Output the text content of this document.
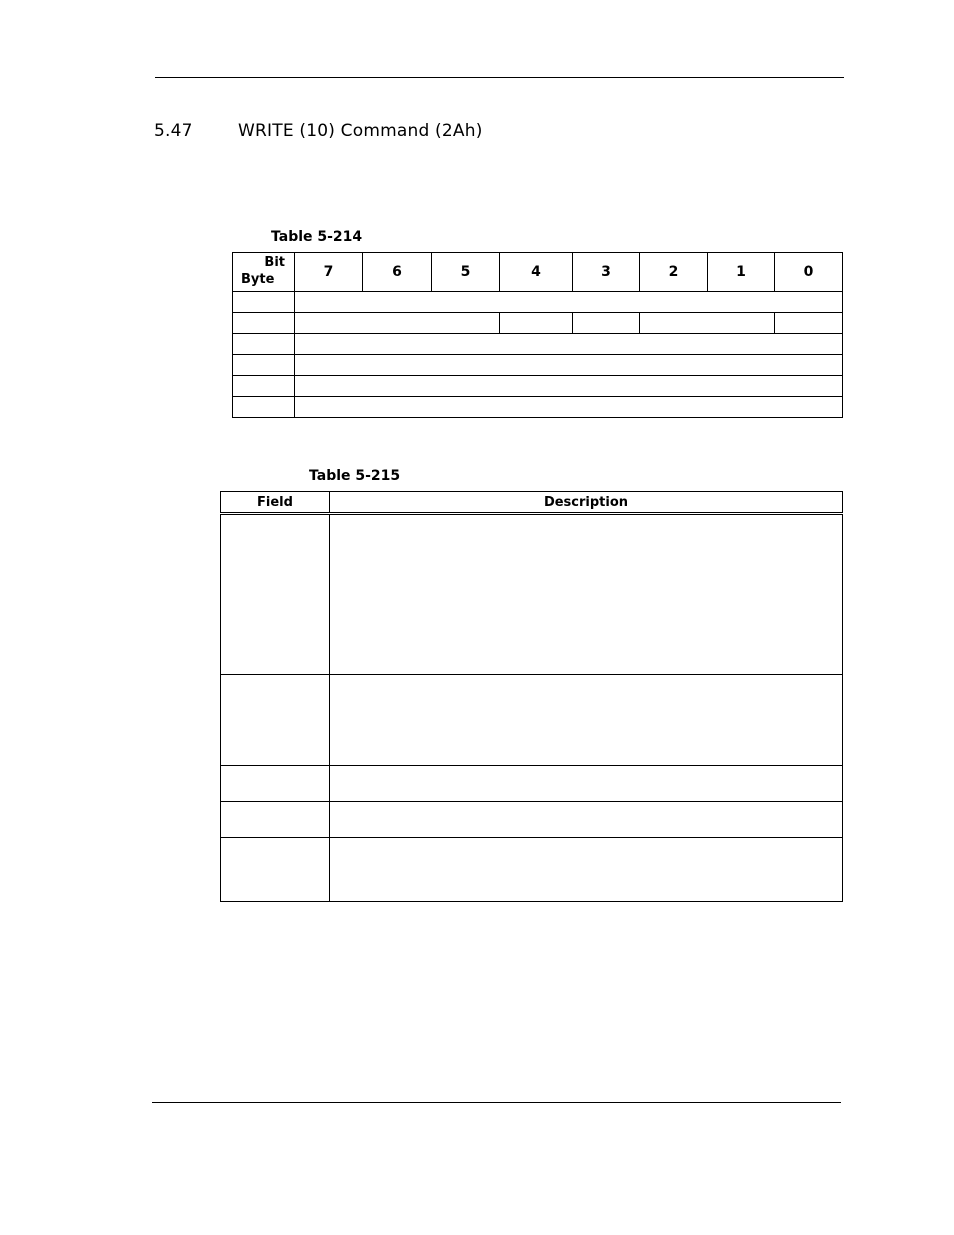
5.47	WRITE (10) Command (2Ah)
Table 5-214
Bit
Byte	7	6	5	4	3	2	1	0

Table 5-215
Field	Description
